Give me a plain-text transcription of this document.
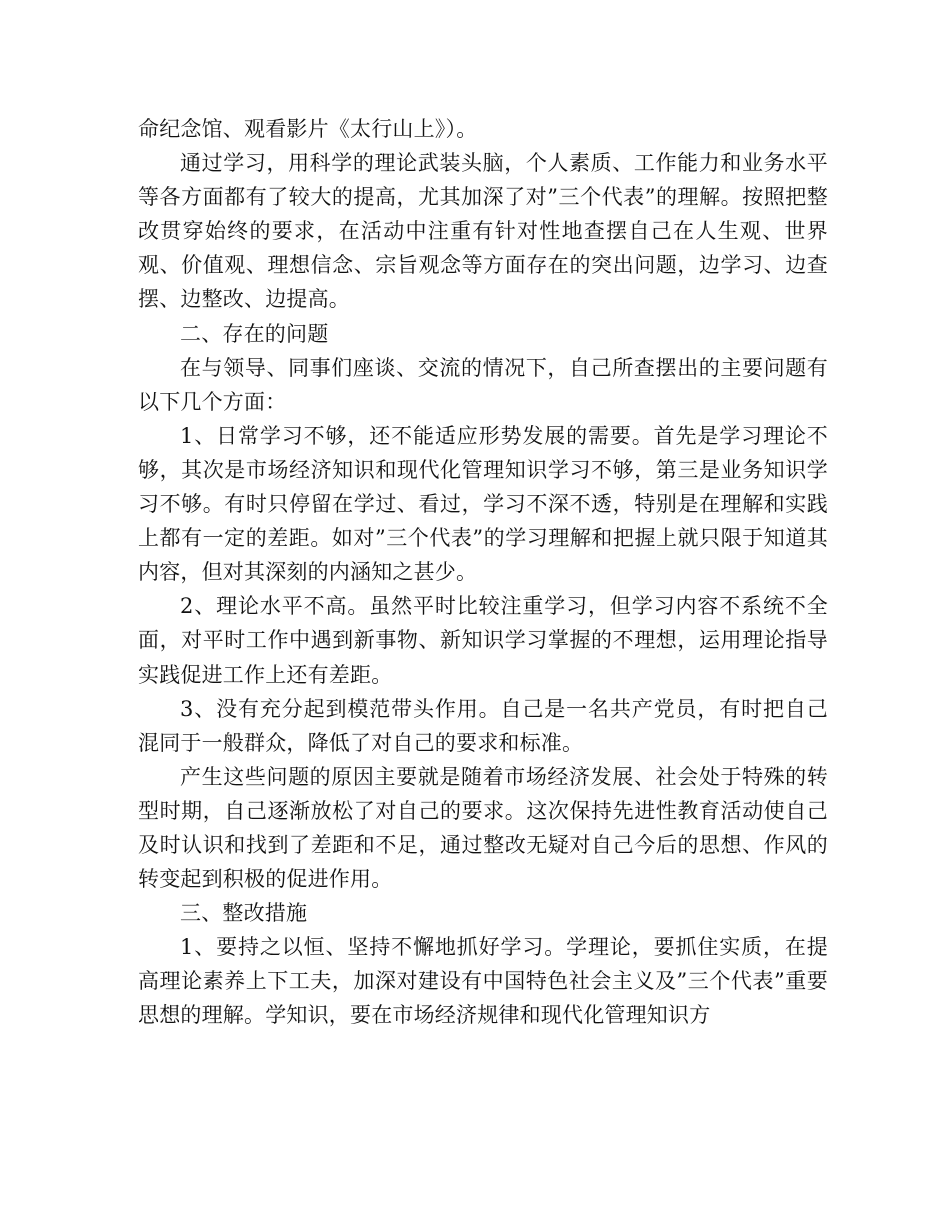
命纪念馆、观看影片《太行山上》）。

通过学习，用科学的理论武装头脑，个人素质、工作能力和业务水平等各方面都有了较大的提高，尤其加深了对”三个代表”的理解。按照把整改贯穿始终的要求，在活动中注重有针对性地查摆自己在人生观、世界观、价值观、理想信念、宗旨观念等方面存在的突出问题，边学习、边查摆、边整改、边提高。

二、存在的问题

在与领导、同事们座谈、交流的情况下，自己所查摆出的主要问题有以下几个方面：

1、日常学习不够，还不能适应形势发展的需要。首先是学习理论不够，其次是市场经济知识和现代化管理知识学习不够，第三是业务知识学习不够。有时只停留在学过、看过，学习不深不透，特别是在理解和实践上都有一定的差距。如对”三个代表”的学习理解和把握上就只限于知道其内容，但对其深刻的内涵知之甚少。

2、理论水平不高。虽然平时比较注重学习，但学习内容不系统不全面，对平时工作中遇到新事物、新知识学习掌握的不理想，运用理论指导实践促进工作上还有差距。

3、没有充分起到模范带头作用。自己是一名共产党员，有时把自己混同于一般群众，降低了对自己的要求和标准。

产生这些问题的原因主要就是随着市场经济发展、社会处于特殊的转型时期，自己逐渐放松了对自己的要求。这次保持先进性教育活动使自己及时认识和找到了差距和不足，通过整改无疑对自己今后的思想、作风的转变起到积极的促进作用。

三、整改措施

1、要持之以恒、坚持不懈地抓好学习。学理论，要抓住实质，在提高理论素养上下工夫，加深对建设有中国特色社会主义及”三个代表”重要思想的理解。学知识，要在市场经济规律和现代化管理知识方
